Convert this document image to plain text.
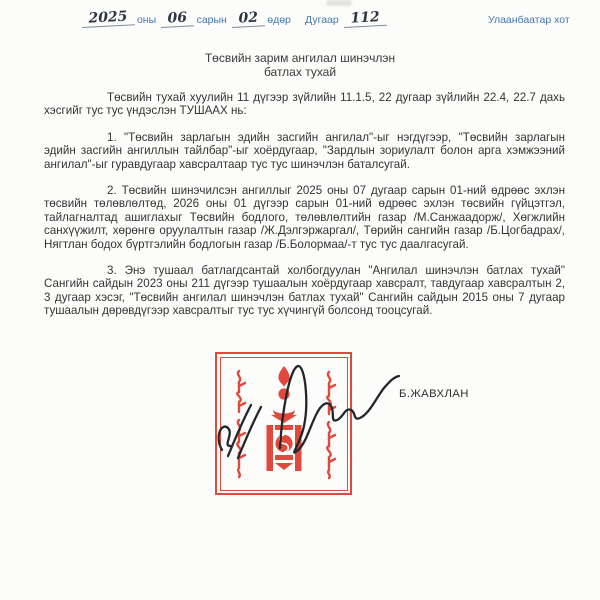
2025 оны 06 сарын 02 өдөр Дугаар 112	Улаанбаатар хот
Төсвийн зарим ангилал шинэчлэн
батлах тухай

Төсвийн тухай хуулийн 11 дүгээр зүйлийн 11.1.5, 22 дугаар зүйлийн 22.4, 22.7 дахь хэсгийг тус тус үндэслэн ТУШААХ нь:

1. "Төсвийн зарлагын эдийн засгийн ангилал"-ыг нэгдүгээр, "Төсвийн зарлагын эдийн засгийн ангиллын тайлбар"-ыг хоёрдугаар, "Зардлын зориулалт болон арга хэмжээний ангилал"-ыг гуравдугаар хавсралтаар тус тус шинэчлэн баталсугай.

2. Төсвийн шинэчилсэн ангиллыг 2025 оны 07 дугаар сарын 01-ний өдрөөс эхлэн төсвийн төлөвлөлтөд, 2026 оны 01 дүгээр сарын 01-ний өдрөөс эхлэн төсвийн гүйцэтгэл, тайлагналтад ашиглахыг Төсвийн бодлого, төлөвлөлтийн газар /М.Санжаадорж/, Хөгжлийн санхүүжилт, хөрөнгө оруулалтын газар /Ж.Дэлгэржаргал/, Төрийн сангийн газар /Б.Цогбадрах/, Нягтлан бодох бүртгэлийн бодлогын газар /Б.Болормаа/-т тус тус даалгасугай.

3. Энэ тушаал батлагдсантай холбогдуулан "Ангилал шинэчлэн батлах тухай" Сангийн сайдын 2023 оны 211 дүгээр тушаалын хоёрдугаар хавсралт, тавдугаар хавсралтын 2, 3 дугаар хэсэг, "Төсвийн ангилал шинэчлэн батлах тухай" Сангийн сайдын 2015 оны 7 дугаар тушаалын дөрөвдүгээр хавсралтыг тус тус хүчингүй болсонд тооцсугай.

Б.ЖАВХЛАН
